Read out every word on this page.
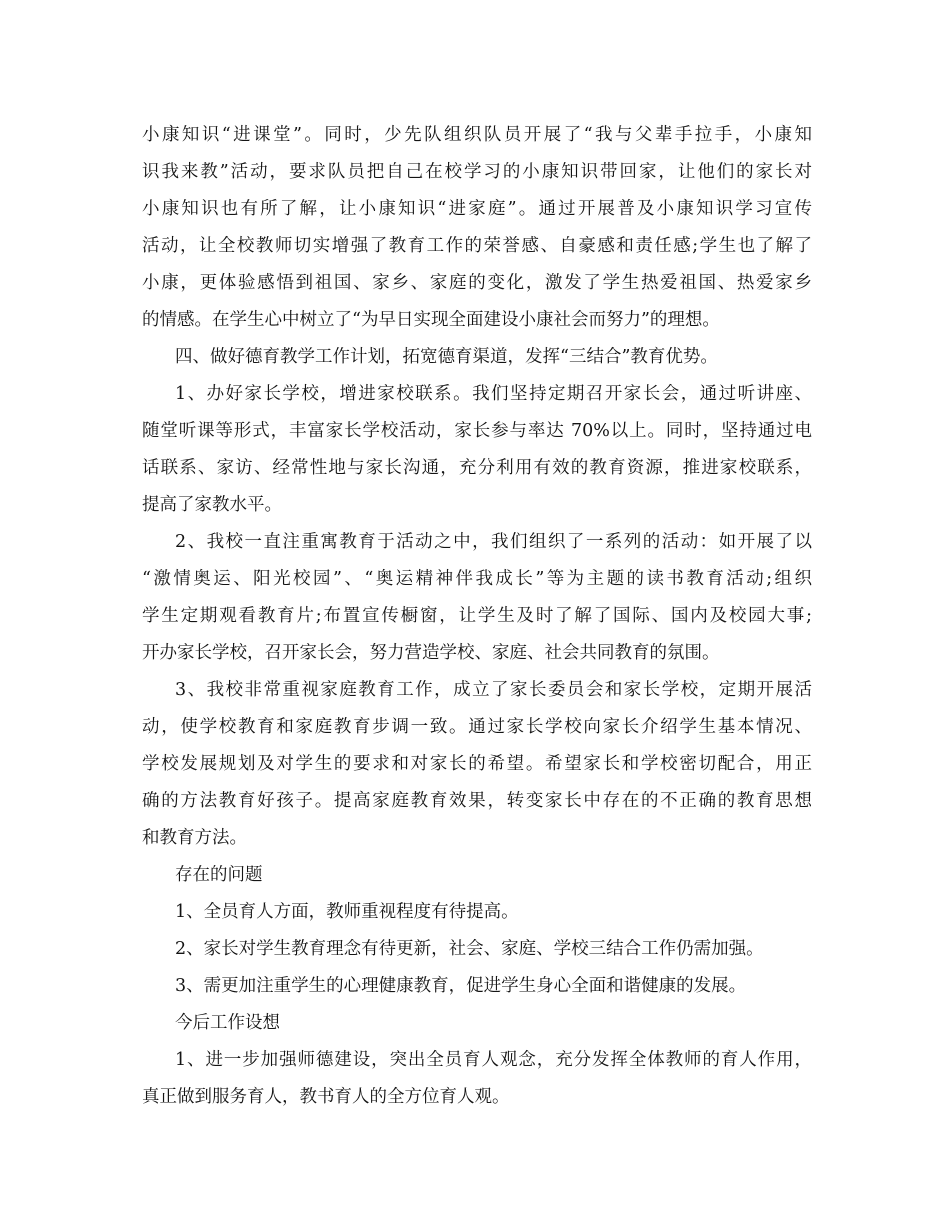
小康知识“进课堂”。同时，少先队组织队员开展了“我与父辈手拉手，小康知
识我来教”活动，要求队员把自己在校学习的小康知识带回家，让他们的家长对
小康知识也有所了解，让小康知识“进家庭”。通过开展普及小康知识学习宣传
活动，让全校教师切实增强了教育工作的荣誉感、自豪感和责任感;学生也了解了
小康，更体验感悟到祖国、家乡、家庭的变化，激发了学生热爱祖国、热爱家乡
的情感。在学生心中树立了“为早日实现全面建设小康社会而努力”的理想。
四、做好德育教学工作计划，拓宽德育渠道，发挥“三结合”教育优势。
1、办好家长学校，增进家校联系。我们坚持定期召开家长会，通过听讲座、
随堂听课等形式，丰富家长学校活动，家长参与率达 70%以上。同时，坚持通过电
话联系、家访、经常性地与家长沟通，充分利用有效的教育资源，推进家校联系，
提高了家教水平。
2、我校一直注重寓教育于活动之中，我们组织了一系列的活动：如开展了以
“激情奥运、阳光校园”、“奥运精神伴我成长”等为主题的读书教育活动;组织
学生定期观看教育片;布置宣传橱窗，让学生及时了解了国际、国内及校园大事;
开办家长学校，召开家长会，努力营造学校、家庭、社会共同教育的氛围。
3、我校非常重视家庭教育工作，成立了家长委员会和家长学校，定期开展活
动，使学校教育和家庭教育步调一致。通过家长学校向家长介绍学生基本情况、
学校发展规划及对学生的要求和对家长的希望。希望家长和学校密切配合，用正
确的方法教育好孩子。提高家庭教育效果，转变家长中存在的不正确的教育思想
和教育方法。
存在的问题
1、全员育人方面，教师重视程度有待提高。
2、家长对学生教育理念有待更新，社会、家庭、学校三结合工作仍需加强。
3、需更加注重学生的心理健康教育，促进学生身心全面和谐健康的发展。
今后工作设想
1、进一步加强师德建设，突出全员育人观念，充分发挥全体教师的育人作用，
真正做到服务育人，教书育人的全方位育人观。
